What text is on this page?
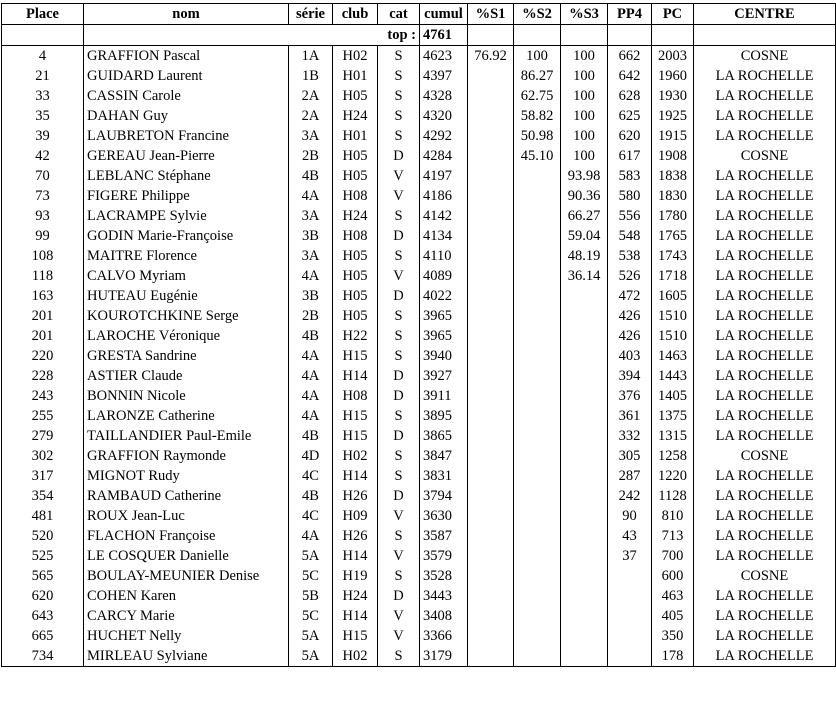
Place	nom	série	club	cat	cumul	%S1	%S2	%S3	PP4	PC	CENTRE
	top :				4761						
4	GRAFFION Pascal	1A	H02	S	4623	76.92	100	100	662	2003	COSNE
21	GUIDARD Laurent	1B	H01	S	4397		86.27	100	642	1960	LA ROCHELLE
33	CASSIN Carole	2A	H05	S	4328		62.75	100	628	1930	LA ROCHELLE
35	DAHAN Guy	2A	H24	S	4320		58.82	100	625	1925	LA ROCHELLE
39	LAUBRETON Francine	3A	H01	S	4292		50.98	100	620	1915	LA ROCHELLE
42	GEREAU Jean-Pierre	2B	H05	D	4284		45.10	100	617	1908	COSNE
70	LEBLANC Stéphane	4B	H05	V	4197			93.98	583	1838	LA ROCHELLE
73	FIGERE Philippe	4A	H08	V	4186			90.36	580	1830	LA ROCHELLE
93	LACRAMPE Sylvie	3A	H24	S	4142			66.27	556	1780	LA ROCHELLE
99	GODIN Marie-Françoise	3B	H08	D	4134			59.04	548	1765	LA ROCHELLE
108	MAITRE Florence	3A	H05	S	4110			48.19	538	1743	LA ROCHELLE
118	CALVO Myriam	4A	H05	V	4089			36.14	526	1718	LA ROCHELLE
163	HUTEAU Eugénie	3B	H05	D	4022				472	1605	LA ROCHELLE
201	KOUROTCHKINE Serge	2B	H05	S	3965				426	1510	LA ROCHELLE
201	LAROCHE Véronique	4B	H22	S	3965				426	1510	LA ROCHELLE
220	GRESTA Sandrine	4A	H15	S	3940				403	1463	LA ROCHELLE
228	ASTIER Claude	4A	H14	D	3927				394	1443	LA ROCHELLE
243	BONNIN Nicole	4A	H08	D	3911				376	1405	LA ROCHELLE
255	LARONZE Catherine	4A	H15	S	3895				361	1375	LA ROCHELLE
279	TAILLANDIER Paul-Emile	4B	H15	D	3865				332	1315	LA ROCHELLE
302	GRAFFION Raymonde	4D	H02	S	3847				305	1258	COSNE
317	MIGNOT Rudy	4C	H14	S	3831				287	1220	LA ROCHELLE
354	RAMBAUD Catherine	4B	H26	D	3794				242	1128	LA ROCHELLE
481	ROUX Jean-Luc	4C	H09	V	3630				90	810	LA ROCHELLE
520	FLACHON Françoise	4A	H26	S	3587				43	713	LA ROCHELLE
525	LE COSQUER Danielle	5A	H14	V	3579				37	700	LA ROCHELLE
565	BOULAY-MEUNIER Denise	5C	H19	S	3528					600	COSNE
620	COHEN Karen	5B	H24	D	3443					463	LA ROCHELLE
643	CARCY Marie	5C	H14	V	3408					405	LA ROCHELLE
665	HUCHET Nelly	5A	H15	V	3366					350	LA ROCHELLE
734	MIRLEAU Sylviane	5A	H02	S	3179					178	LA ROCHELLE
